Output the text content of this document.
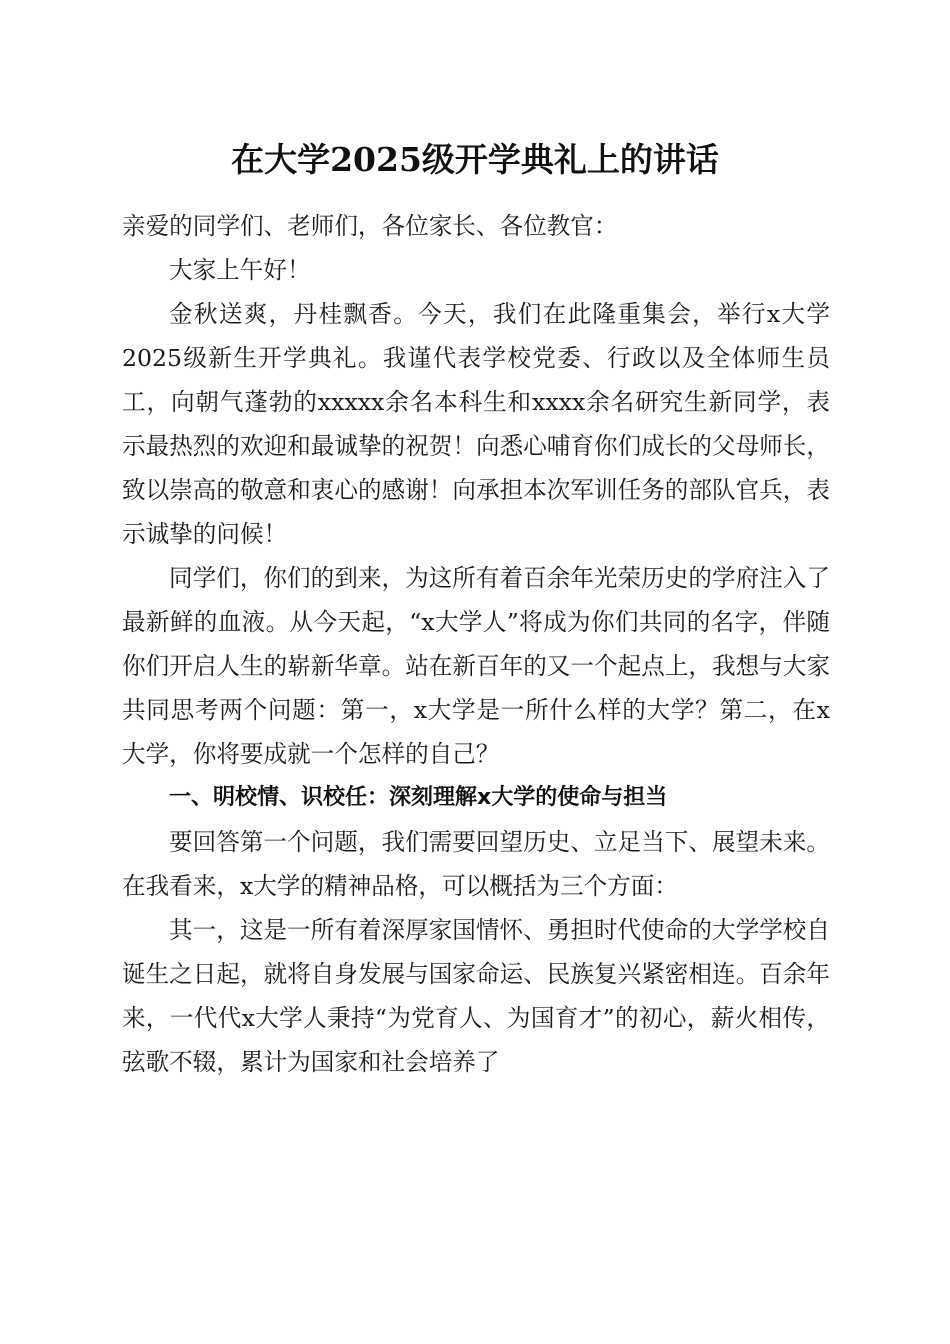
在大学2025级开学典礼上的讲话

亲爱的同学们、老师们，各位家长、各位教官：

大家上午好！

金秋送爽，丹桂飘香。今天，我们在此隆重集会，举行x大学2025级新生开学典礼。我谨代表学校党委、行政以及全体师生员工，向朝气蓬勃的xxxxx余名本科生和xxxx余名研究生新同学，表示最热烈的欢迎和最诚挚的祝贺！向悉心哺育你们成长的父母师长，致以崇高的敬意和衷心的感谢！向承担本次军训任务的部队官兵，表示诚挚的问候！

同学们，你们的到来，为这所有着百余年光荣历史的学府注入了最新鲜的血液。从今天起，“x大学人”将成为你们共同的名字，伴随你们开启人生的崭新华章。站在新百年的又一个起点上，我想与大家共同思考两个问题：第一，x大学是一所什么样的大学？第二，在x大学，你将要成就一个怎样的自己？

一、明校情、识校任：深刻理解x大学的使命与担当

要回答第一个问题，我们需要回望历史、立足当下、展望未来。在我看来，x大学的精神品格，可以概括为三个方面：

其一，这是一所有着深厚家国情怀、勇担时代使命的大学学校自诞生之日起，就将自身发展与国家命运、民族复兴紧密相连。百余年来，一代代x大学人秉持“为党育人、为国育才”的初心，薪火相传，弦歌不辍，累计为国家和社会培养了
